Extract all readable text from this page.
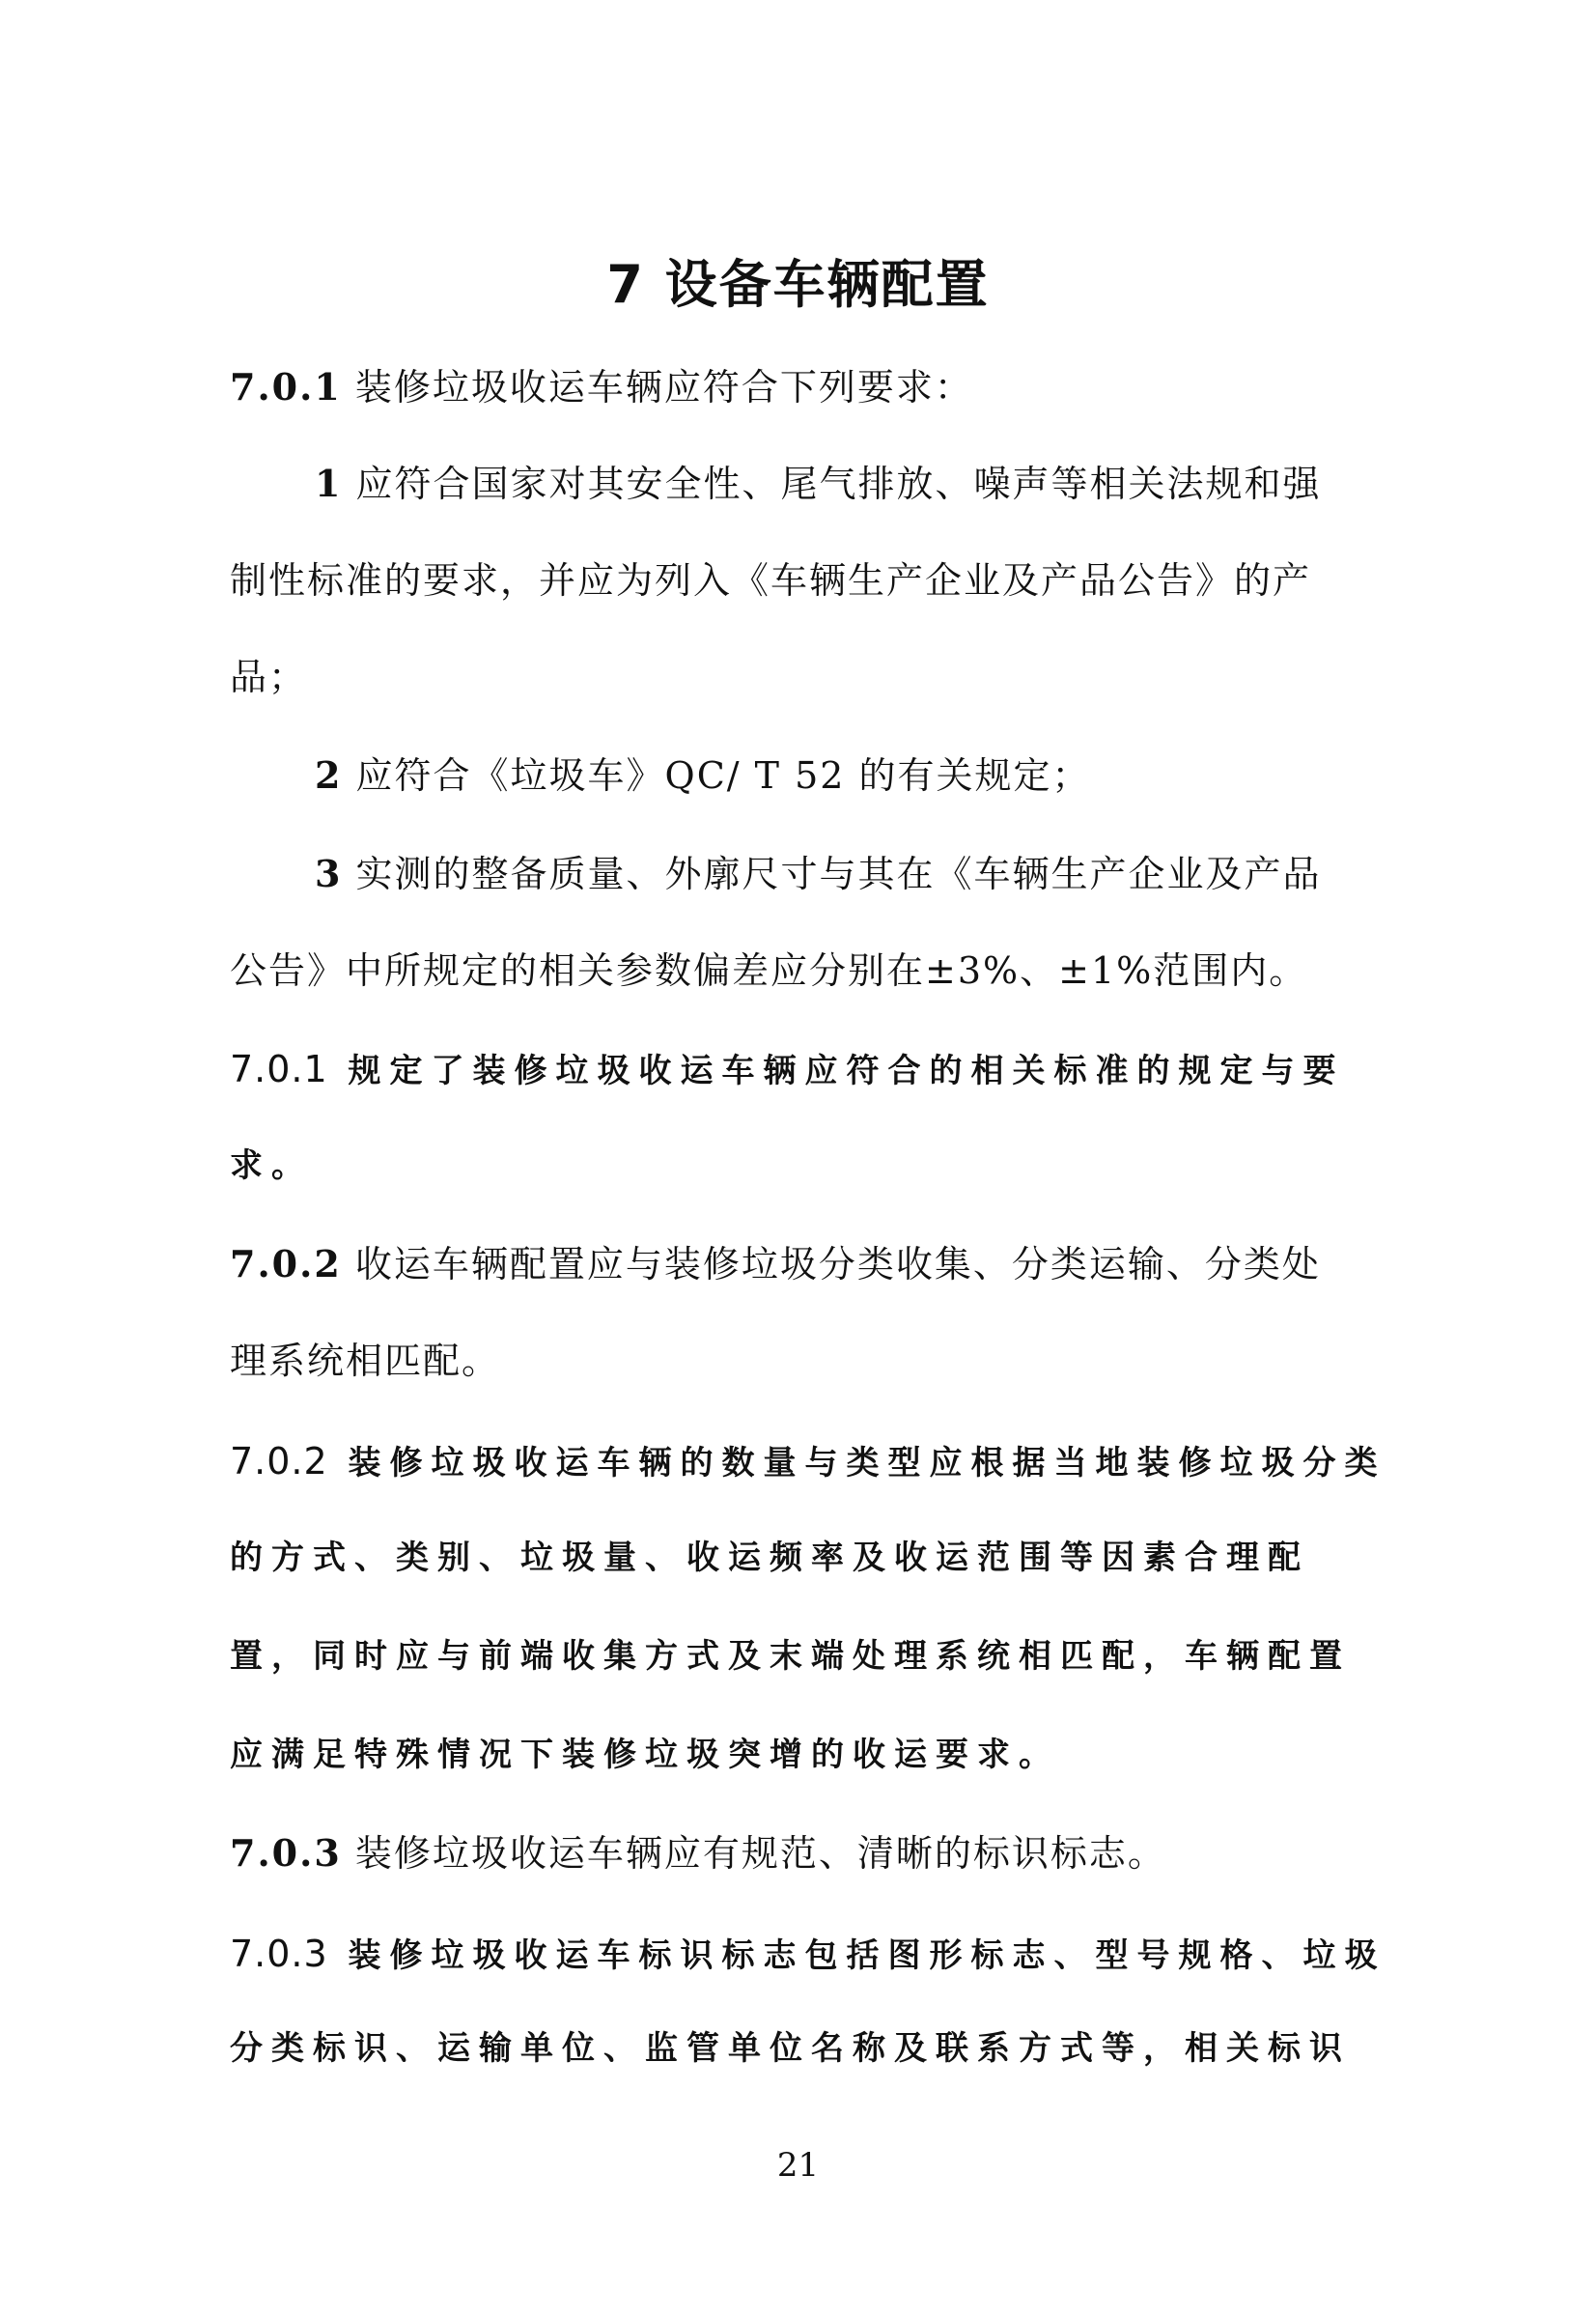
7 设备车辆配置
7.0.1 装修垃圾收运车辆应符合下列要求：
1 应符合国家对其安全性、尾气排放、噪声等相关法规和强
制性标准的要求，并应为列入《车辆生产企业及产品公告》的产
品；
2 应符合《垃圾车》QC/ T 52 的有关规定；
3 实测的整备质量、外廓尺寸与其在《车辆生产企业及产品
公告》中所规定的相关参数偏差应分别在±3%、±1%范围内。
7.0.1 规定了装修垃圾收运车辆应符合的相关标准的规定与要
求。
7.0.2 收运车辆配置应与装修垃圾分类收集、分类运输、分类处
理系统相匹配。
7.0.2 装修垃圾收运车辆的数量与类型应根据当地装修垃圾分类
的方式、类别、垃圾量、收运频率及收运范围等因素合理配
置，同时应与前端收集方式及末端处理系统相匹配，车辆配置
应满足特殊情况下装修垃圾突增的收运要求。
7.0.3 装修垃圾收运车辆应有规范、清晰的标识标志。
7.0.3 装修垃圾收运车标识标志包括图形标志、型号规格、垃圾
分类标识、运输单位、监管单位名称及联系方式等，相关标识
21
